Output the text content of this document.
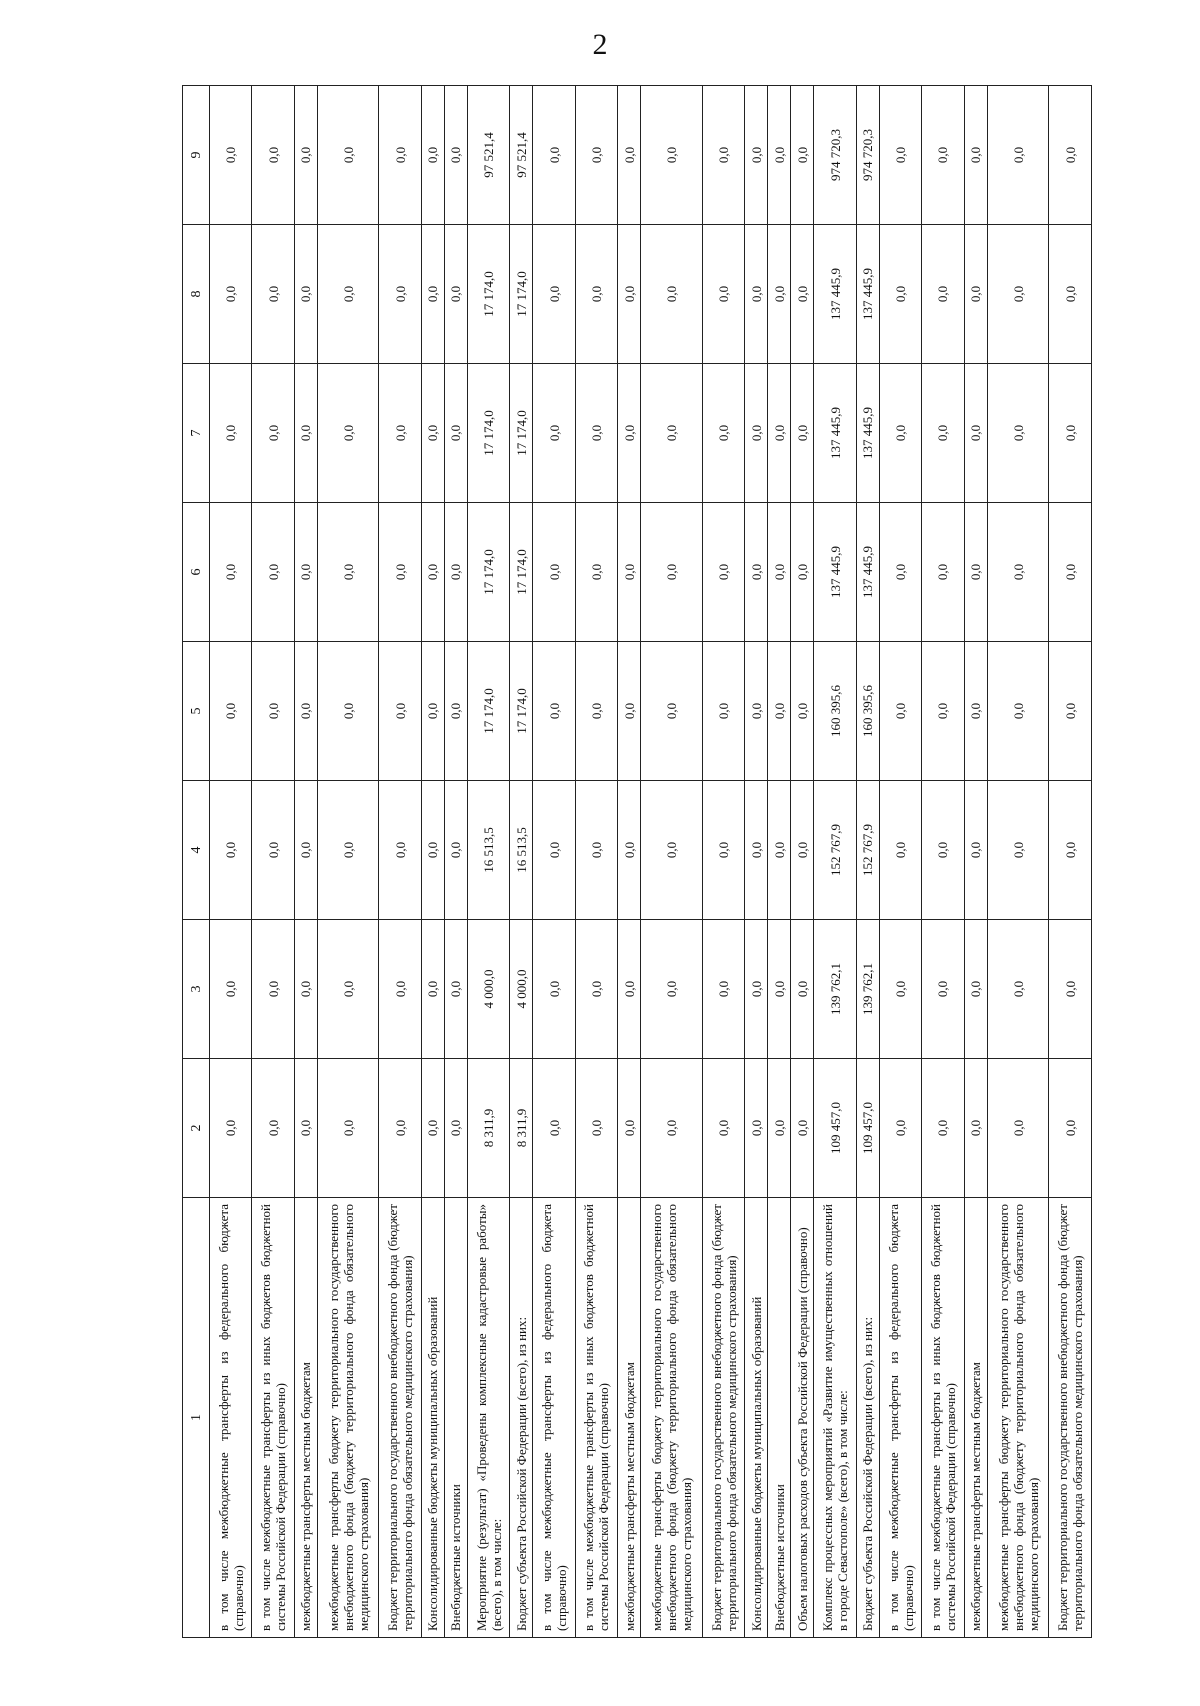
2
1	2	3	4	5	6	7	8	9
в том числе межбюджетные трансферты из федерального бюджета (справочно)	0,0	0,0	0,0	0,0	0,0	0,0	0,0	0,0
в том числе межбюджетные трансферты из иных бюджетов бюджетной системы Российской Федерации (справочно)	0,0	0,0	0,0	0,0	0,0	0,0	0,0	0,0
межбюджетные трансферты местным бюджетам	0,0	0,0	0,0	0,0	0,0	0,0	0,0	0,0
межбюджетные трансферты бюджету территориального государственного внебюджетного фонда (бюджету территориального фонда обязательного медицинского страхования)	0,0	0,0	0,0	0,0	0,0	0,0	0,0	0,0
Бюджет территориального государственного внебюджетного фонда (бюджет территориального фонда обязательного медицинского страхования)	0,0	0,0	0,0	0,0	0,0	0,0	0,0	0,0
Консолидированные бюджеты муниципальных образований	0,0	0,0	0,0	0,0	0,0	0,0	0,0	0,0
Внебюджетные источники	0,0	0,0	0,0	0,0	0,0	0,0	0,0	0,0
Мероприятие (результат) «Проведены комплексные кадастровые работы» (всего), в том числе:	8 311,9	4 000,0	16 513,5	17 174,0	17 174,0	17 174,0	17 174,0	97 521,4
Бюджет субъекта Российской Федерации (всего), из них:	8 311,9	4 000,0	16 513,5	17 174,0	17 174,0	17 174,0	17 174,0	97 521,4
в том числе межбюджетные трансферты из федерального бюджета (справочно)	0,0	0,0	0,0	0,0	0,0	0,0	0,0	0,0
в том числе межбюджетные трансферты из иных бюджетов бюджетной системы Российской Федерации (справочно)	0,0	0,0	0,0	0,0	0,0	0,0	0,0	0,0
межбюджетные трансферты местным бюджетам	0,0	0,0	0,0	0,0	0,0	0,0	0,0	0,0
межбюджетные трансферты бюджету территориального государственного внебюджетного фонда (бюджету территориального фонда обязательного медицинского страхования)	0,0	0,0	0,0	0,0	0,0	0,0	0,0	0,0
Бюджет территориального государственного внебюджетного фонда (бюджет территориального фонда обязательного медицинского страхования)	0,0	0,0	0,0	0,0	0,0	0,0	0,0	0,0
Консолидированные бюджеты муниципальных образований	0,0	0,0	0,0	0,0	0,0	0,0	0,0	0,0
Внебюджетные источники	0,0	0,0	0,0	0,0	0,0	0,0	0,0	0,0
Объем налоговых расходов субъекта Российской Федерации (справочно)	0,0	0,0	0,0	0,0	0,0	0,0	0,0	0,0
Комплекс процессных мероприятий «Развитие имущественных отношений в городе Севастополе» (всего), в том числе:	109 457,0	139 762,1	152 767,9	160 395,6	137 445,9	137 445,9	137 445,9	974 720,3
Бюджет субъекта Российской Федерации (всего), из них:	109 457,0	139 762,1	152 767,9	160 395,6	137 445,9	137 445,9	137 445,9	974 720,3
в том числе межбюджетные трансферты из федерального бюджета (справочно)	0,0	0,0	0,0	0,0	0,0	0,0	0,0	0,0
в том числе межбюджетные трансферты из иных бюджетов бюджетной системы Российской Федерации (справочно)	0,0	0,0	0,0	0,0	0,0	0,0	0,0	0,0
межбюджетные трансферты местным бюджетам	0,0	0,0	0,0	0,0	0,0	0,0	0,0	0,0
межбюджетные трансферты бюджету территориального государственного внебюджетного фонда (бюджету территориального фонда обязательного медицинского страхования)	0,0	0,0	0,0	0,0	0,0	0,0	0,0	0,0
Бюджет территориального государственного внебюджетного фонда (бюджет территориального фонда обязательного медицинского страхования)	0,0	0,0	0,0	0,0	0,0	0,0	0,0	0,0
